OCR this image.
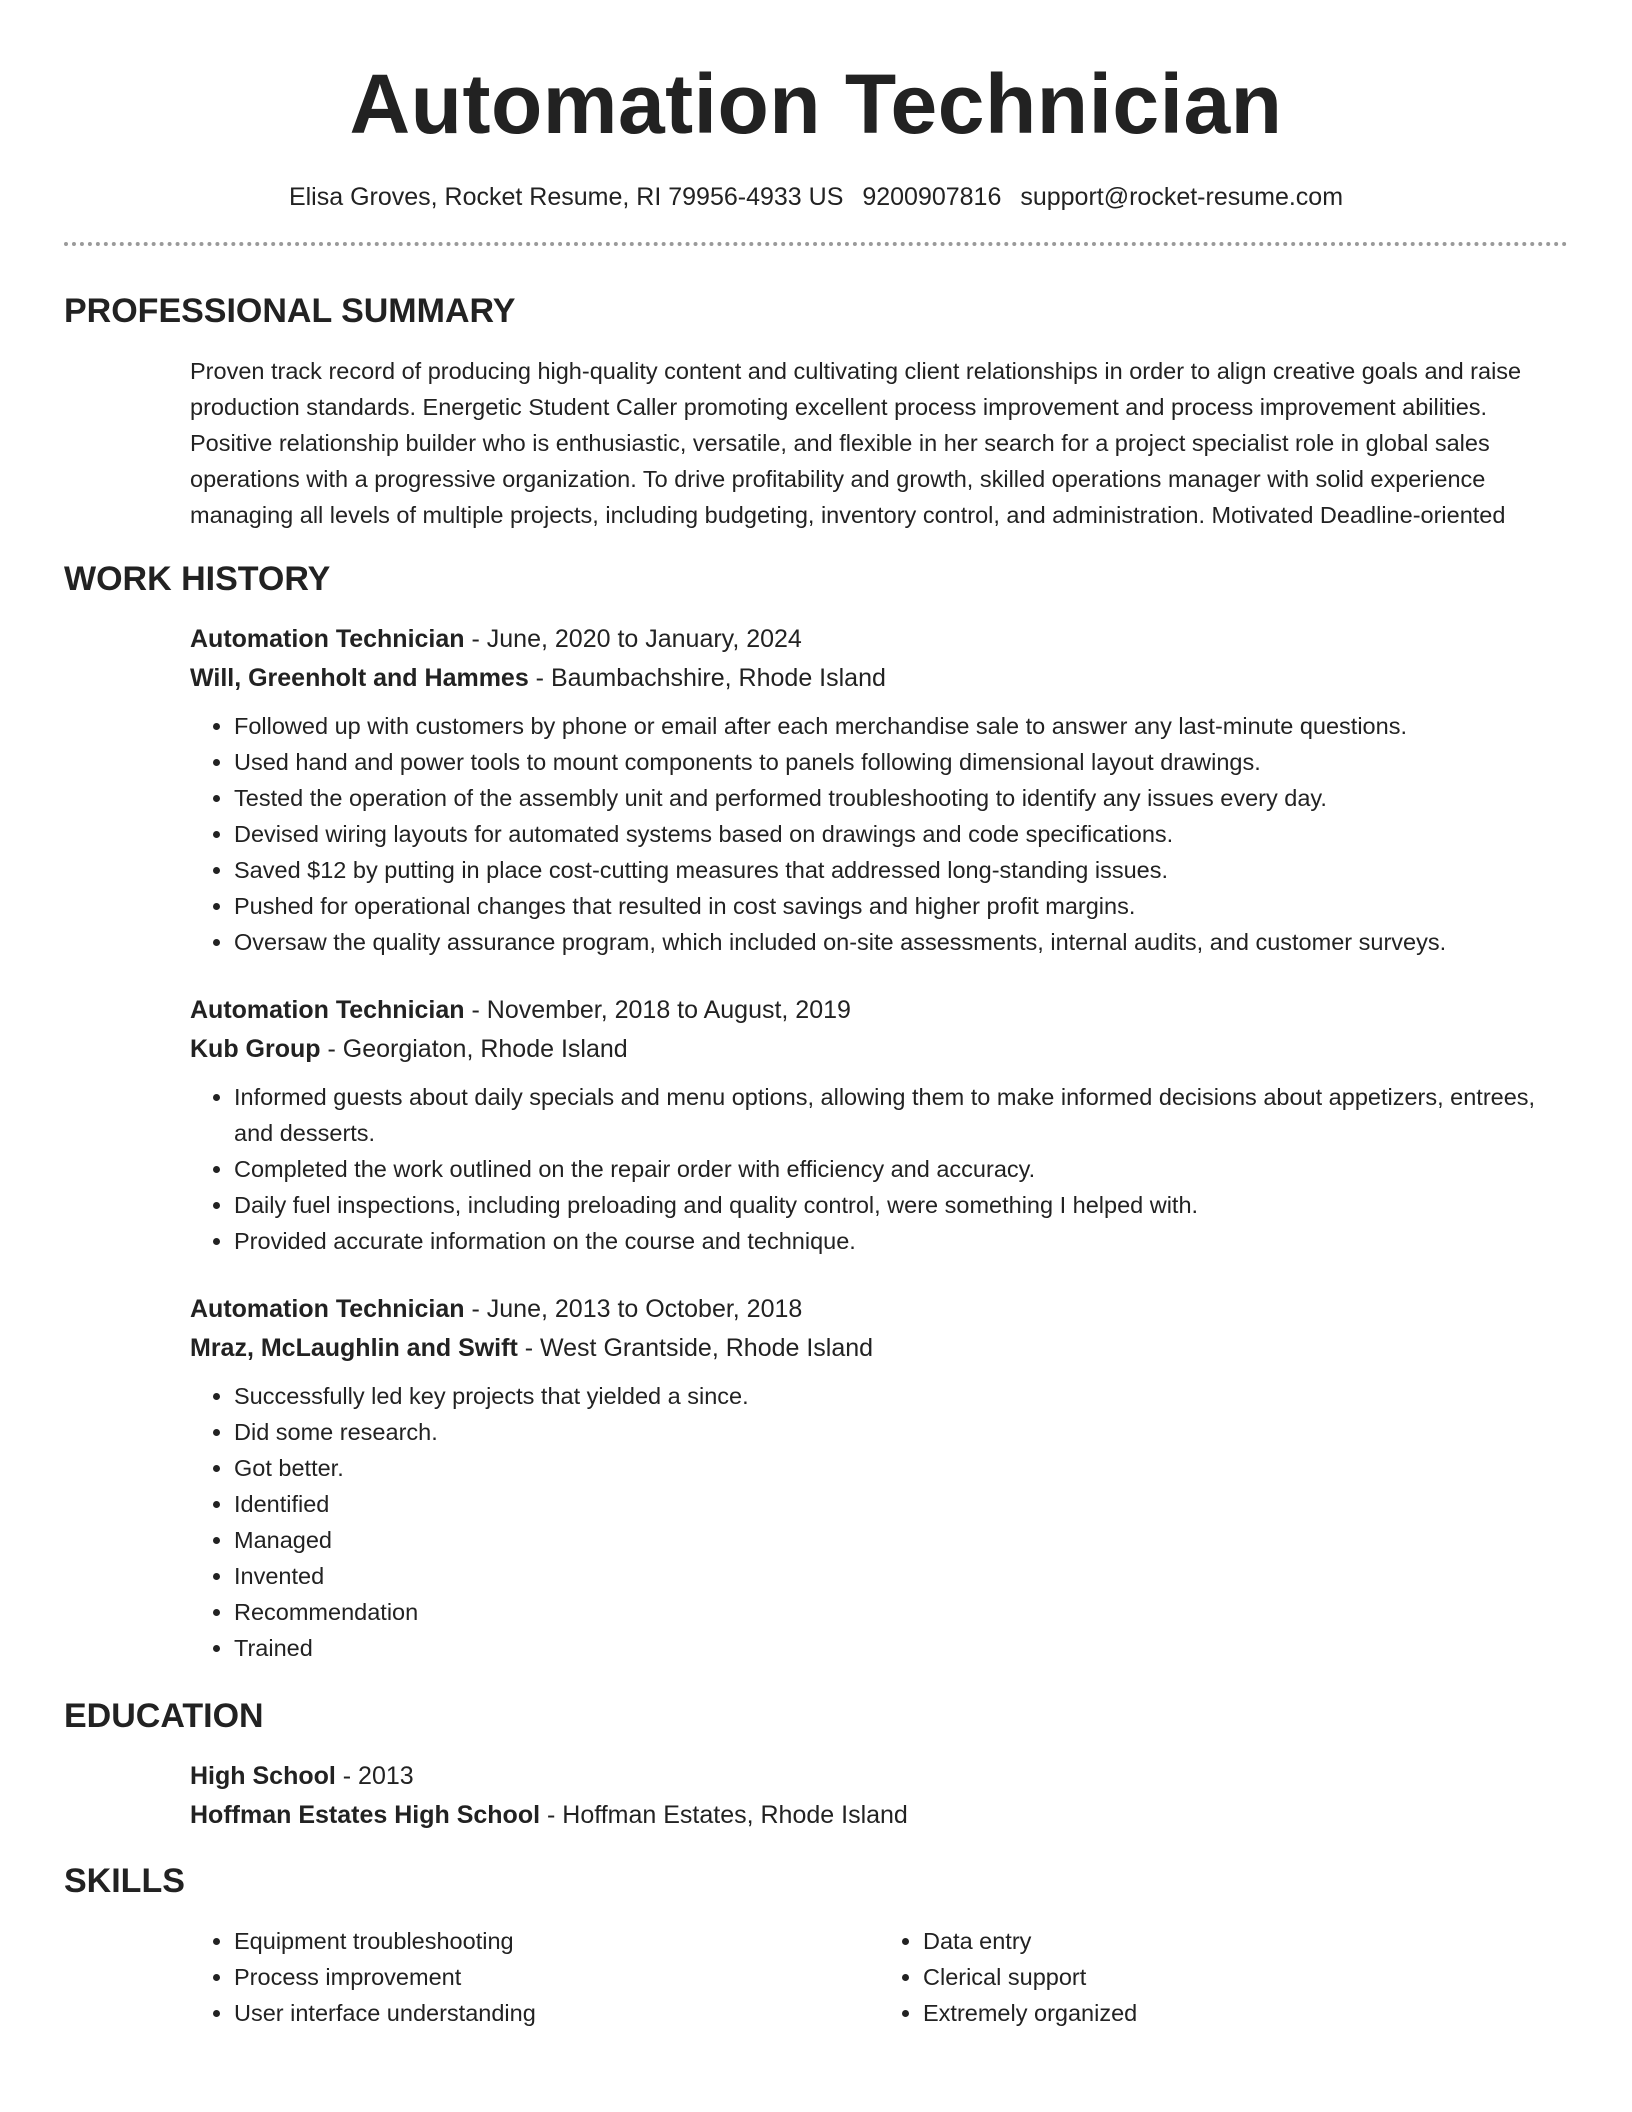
Automation Technician
Elisa Groves, Rocket Resume, RI 79956-4933 US 9200907816 support@rocket-resume.com
PROFESSIONAL SUMMARY
Proven track record of producing high-quality content and cultivating client relationships in order to align creative goals and raise production standards. Energetic Student Caller promoting excellent process improvement and process improvement abilities. Positive relationship builder who is enthusiastic, versatile, and flexible in her search for a project specialist role in global sales operations with a progressive organization. To drive profitability and growth, skilled operations manager with solid experience managing all levels of multiple projects, including budgeting, inventory control, and administration. Motivated Deadline-oriented
WORK HISTORY
Automation Technician - June, 2020 to January, 2024
Will, Greenholt and Hammes - Baumbachshire, Rhode Island
• Followed up with customers by phone or email after each merchandise sale to answer any last-minute questions.
• Used hand and power tools to mount components to panels following dimensional layout drawings.
• Tested the operation of the assembly unit and performed troubleshooting to identify any issues every day.
• Devised wiring layouts for automated systems based on drawings and code specifications.
• Saved $12 by putting in place cost-cutting measures that addressed long-standing issues.
• Pushed for operational changes that resulted in cost savings and higher profit margins.
• Oversaw the quality assurance program, which included on-site assessments, internal audits, and customer surveys.
Automation Technician - November, 2018 to August, 2019
Kub Group - Georgiaton, Rhode Island
• Informed guests about daily specials and menu options, allowing them to make informed decisions about appetizers, entrees, and desserts.
• Completed the work outlined on the repair order with efficiency and accuracy.
• Daily fuel inspections, including preloading and quality control, were something I helped with.
• Provided accurate information on the course and technique.
Automation Technician - June, 2013 to October, 2018
Mraz, McLaughlin and Swift - West Grantside, Rhode Island
• Successfully led key projects that yielded a since.
• Did some research.
• Got better.
• Identified
• Managed
• Invented
• Recommendation
• Trained
EDUCATION
High School - 2013
Hoffman Estates High School - Hoffman Estates, Rhode Island
SKILLS
• Equipment troubleshooting
• Process improvement
• User interface understanding
• Data entry
• Clerical support
• Extremely organized
